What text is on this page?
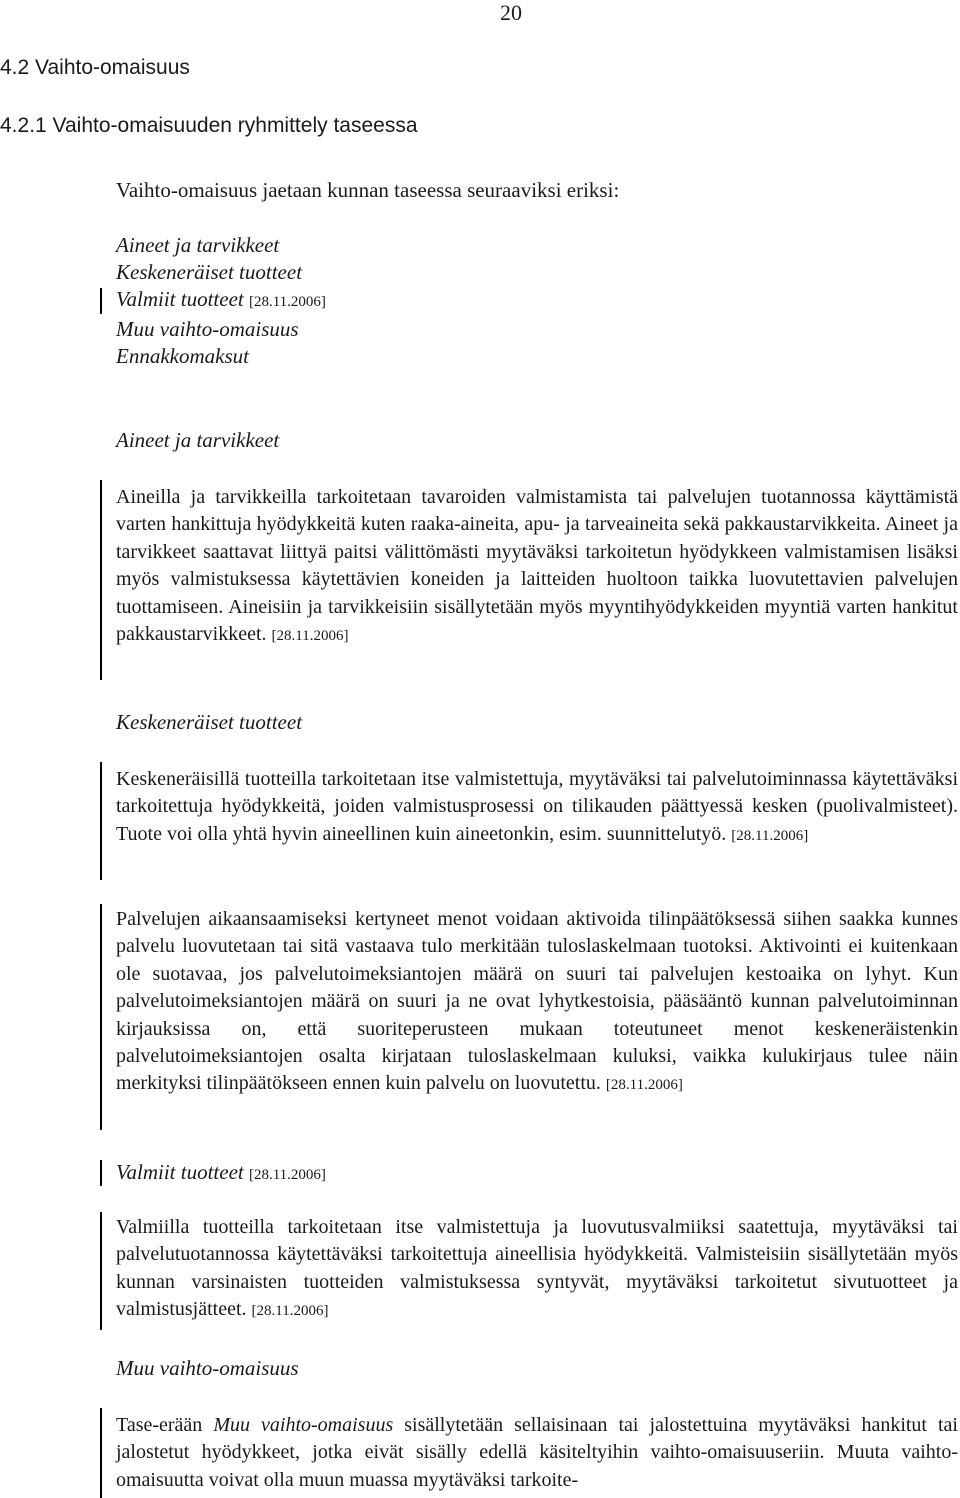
20
4.2 Vaihto-omaisuus
4.2.1 Vaihto-omaisuuden ryhmittely taseessa
Vaihto-omaisuus jaetaan kunnan taseessa seuraaviksi eriksi:
Aineet ja tarvikkeet
Keskeneräiset tuotteet
Valmiit tuotteet [28.11.2006]
Muu vaihto-omaisuus
Ennakkomaksut
Aineet ja tarvikkeet
Aineilla ja tarvikkeilla tarkoitetaan tavaroiden valmistamista tai palvelujen tuotannossa käyttämistä varten hankittuja hyödykkeitä kuten raaka-aineita, apu- ja tarveaineita sekä pakkaustarvikkeita. Aineet ja tarvikkeet saattavat liittyä paitsi välittömästi myytäväksi tarkoitetun hyödykkeen valmistamisen lisäksi myös valmistuksessa käytettävien koneiden ja laitteiden huoltoon taikka luovutettavien palvelujen tuottamiseen. Aineisiin ja tarvikkeisiin sisällytetään myös myyntihyödykkeiden myyntiä varten hankitut pakkaustarvikkeet. [28.11.2006]
Keskeneräiset tuotteet
Keskeneräisillä tuotteilla tarkoitetaan itse valmistettuja, myytäväksi tai palvelutoiminnassa käytettäväksi tarkoitettuja hyödykkeitä, joiden valmistusprosessi on tilikauden päättyessä kesken (puolivalmisteet). Tuote voi olla yhtä hyvin aineellinen kuin aineetonkin, esim. suunnittelutyö. [28.11.2006]
Palvelujen aikaansaamiseksi kertyneet menot voidaan aktivoida tilinpäätöksessä siihen saakka kunnes palvelu luovutetaan tai sitä vastaava tulo merkitään tuloslaskelmaan tuotoksi. Aktivointi ei kuitenkaan ole suotavaa, jos palvelutoimeksiantojen määrä on suuri tai palvelujen kestoaika on lyhyt. Kun palvelutoimeksiantojen määrä on suuri ja ne ovat lyhytkestoisia, pääsääntö kunnan palvelutoiminnan kirjauksissa on, että suoriteperusteen mukaan toteutuneet menot keskeneräistenkin palvelutoimeksiantojen osalta kirjataan tuloslaskelmaan kuluksi, vaikka kulukirjaus tulee näin merkityksi tilinpäätökseen ennen kuin palvelu on luovutettu. [28.11.2006]
Valmiit tuotteet [28.11.2006]
Valmiilla tuotteilla tarkoitetaan itse valmistettuja ja luovutusvalmiiksi saatettuja, myytäväksi tai palvelutuotannossa käytettäväksi tarkoitettuja aineellisia hyödykkeitä. Valmisteisiin sisällytetään myös kunnan varsinaisten tuotteiden valmistuksessa syntyvät, myytäväksi tarkoitetut sivutuotteet ja valmistusjätteet. [28.11.2006]
Muu vaihto-omaisuus
Tase-erään Muu vaihto-omaisuus sisällytetään sellaisinaan tai jalostettuina myytäväksi hankitut tai jalostetut hyödykkeet, jotka eivät sisälly edellä käsiteltyihin vaihto-omaisuuseriin. Muuta vaihto-omaisuutta voivat olla muun muassa myytäväksi tarkoite-
